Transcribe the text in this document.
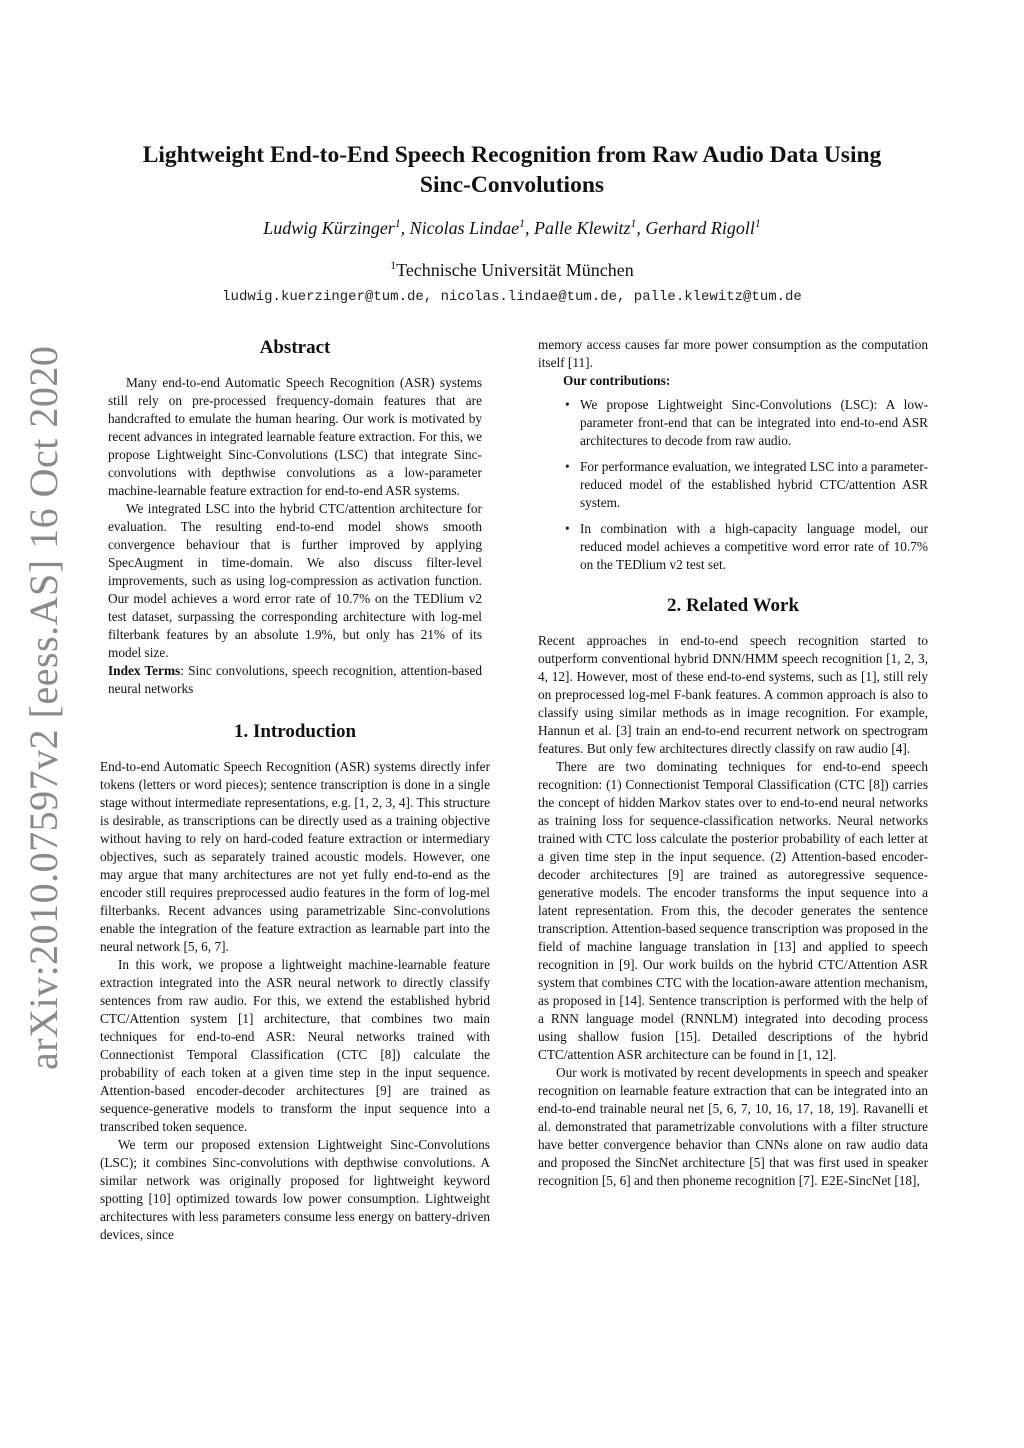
arXiv:2010.07597v2 [eess.AS] 16 Oct 2020
Lightweight End-to-End Speech Recognition from Raw Audio Data Using
Sinc-Convolutions
Ludwig Kürzinger$^1$, Nicolas Lindae$^1$, Palle Klewitz$^1$, Gerhard Rigoll$^1$
$^1$Technische Universität München
ludwig.kuerzinger@tum.de, nicolas.lindae@tum.de, palle.klewitz@tum.de
Abstract

Many end-to-end Automatic Speech Recognition (ASR) systems still rely on pre-processed frequency-domain features that are handcrafted to emulate the human hearing. Our work is motivated by recent advances in integrated learnable feature extraction. For this, we propose Lightweight Sinc-Convolutions (LSC) that integrate Sinc-convolutions with depthwise convolutions as a low-parameter machine-learnable feature extraction for end-to-end ASR systems.

We integrated LSC into the hybrid CTC/attention architecture for evaluation. The resulting end-to-end model shows smooth convergence behaviour that is further improved by applying SpecAugment in time-domain. We also discuss filter-level improvements, such as using log-compression as activation function. Our model achieves a word error rate of 10.7% on the TEDlium v2 test dataset, surpassing the corresponding architecture with log-mel filterbank features by an absolute 1.9%, but only has 21% of its model size.

Index Terms: Sinc convolutions, speech recognition, attention-based neural networks

1. Introduction

End-to-end Automatic Speech Recognition (ASR) systems directly infer tokens (letters or word pieces); sentence transcription is done in a single stage without intermediate representations, e.g. [1, 2, 3, 4]. This structure is desirable, as transcriptions can be directly used as a training objective without having to rely on hard-coded feature extraction or intermediary objectives, such as separately trained acoustic models. However, one may argue that many architectures are not yet fully end-to-end as the encoder still requires preprocessed audio features in the form of log-mel filterbanks. Recent advances using parametrizable Sinc-convolutions enable the integration of the feature extraction as learnable part into the neural network [5, 6, 7].

In this work, we propose a lightweight machine-learnable feature extraction integrated into the ASR neural network to directly classify sentences from raw audio. For this, we extend the established hybrid CTC/Attention system [1] architecture, that combines two main techniques for end-to-end ASR: Neural networks trained with Connectionist Temporal Classification (CTC [8]) calculate the probability of each token at a given time step in the input sequence. Attention-based encoder-decoder architectures [9] are trained as sequence-generative models to transform the input sequence into a transcribed token sequence.

We term our proposed extension Lightweight Sinc-Convolutions (LSC); it combines Sinc-convolutions with depthwise convolutions. A similar network was originally proposed for lightweight keyword spotting [10] optimized towards low power consumption. Lightweight architectures with less parameters consume less energy on battery-driven devices, since

memory access causes far more power consumption as the computation itself [11].

Our contributions:

• We propose Lightweight Sinc-Convolutions (LSC): A low-parameter front-end that can be integrated into end-to-end ASR architectures to decode from raw audio.
• For performance evaluation, we integrated LSC into a parameter-reduced model of the established hybrid CTC/attention ASR system.
• In combination with a high-capacity language model, our reduced model achieves a competitive word error rate of 10.7% on the TEDlium v2 test set.
2. Related Work

Recent approaches in end-to-end speech recognition started to outperform conventional hybrid DNN/HMM speech recognition [1, 2, 3, 4, 12]. However, most of these end-to-end systems, such as [1], still rely on preprocessed log-mel F-bank features. A common approach is also to classify using similar methods as in image recognition. For example, Hannun et al. [3] train an end-to-end recurrent network on spectrogram features. But only few architectures directly classify on raw audio [4].

There are two dominating techniques for end-to-end speech recognition: (1) Connectionist Temporal Classification (CTC [8]) carries the concept of hidden Markov states over to end-to-end neural networks as training loss for sequence-classification networks. Neural networks trained with CTC loss calculate the posterior probability of each letter at a given time step in the input sequence. (2) Attention-based encoder-decoder architectures [9] are trained as autoregressive sequence-generative models. The encoder transforms the input sequence into a latent representation. From this, the decoder generates the sentence transcription. Attention-based sequence transcription was proposed in the field of machine language translation in [13] and applied to speech recognition in [9]. Our work builds on the hybrid CTC/Attention ASR system that combines CTC with the location-aware attention mechanism, as proposed in [14]. Sentence transcription is performed with the help of a RNN language model (RNNLM) integrated into decoding process using shallow fusion [15]. Detailed descriptions of the hybrid CTC/attention ASR architecture can be found in [1, 12].

Our work is motivated by recent developments in speech and speaker recognition on learnable feature extraction that can be integrated into an end-to-end trainable neural net [5, 6, 7, 10, 16, 17, 18, 19]. Ravanelli et al. demonstrated that parametrizable convolutions with a filter structure have better convergence behavior than CNNs alone on raw audio data and proposed the SincNet architecture [5] that was first used in speaker recognition [5, 6] and then phoneme recognition [7]. E2E-SincNet [18],
